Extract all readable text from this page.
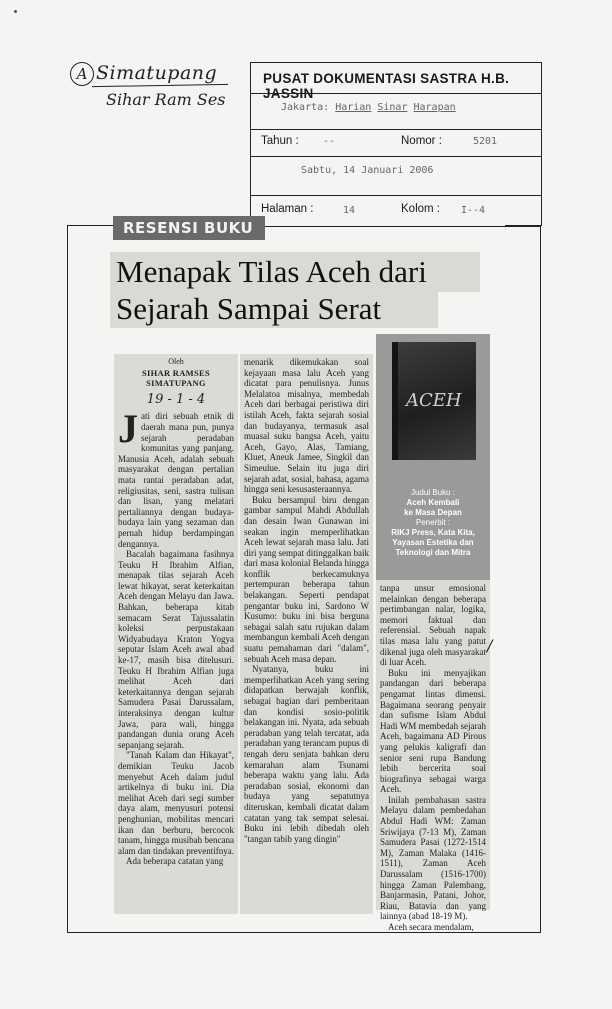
A Simatupang
Sihar Ram Ses
PUSAT DOKUMENTASI SASTRA H.B. JASSIN
Jakarta: Harian Sinar Harapan
Tahun : --	Nomor :	5201
Sabtu, 14 Januari 2006
Halaman :	14	Kolom : I--4
RESENSI BUKU
Menapak Tilas Aceh dari
Sejarah Sampai Serat
Oleh
SIHAR RAMSES
SIMATUPANG
19 - 1 - 4

Jati diri sebuah etnik di daerah mana pun, punya sejarah peradaban komunitas yang panjang. Manusia Aceh, adalah sebuah masyarakat dengan pertalian mata rantai peradaban adat, religiusitas, seni, sastra tulisan dan lisan, yang melatari pertaliannya dengan budaya-budaya lain yang sezaman dan pernah hidup berdampingan dengannya.

Bacalah bagaimana fasihnya Teuku H Ibrahim Alfian, menapak tilas sejarah Aceh lewat hikayat, serat keterkaitan Aceh dengan Melayu dan Jawa. Bahkan, beberapa kitab semacam Serat Tajussalatin koleksi perpustakaan Widyabudaya Kraton Yogya seputar Islam Aceh awal abad ke-17, masih bisa ditelusuri. Teuku H Ibrahim Alfian juga melihat Aceh dari keterkaitannya dengan sejarah Samudera Pasai Darussalam, interaksinya dengan kultur Jawa, para wali, hingga pandangan dunia orang Aceh sepanjang sejarah.

"Tanah Kalam dan Hikayat", demikian Teuku Jacob menyebut Aceh dalam judul artikelnya di buku ini. Dia melihat Aceh dari segi sumber daya alam, menyusuri potensi penghunian, mobilitas mencari ikan dan berburu, bercocok tanam, hingga musibah bencana alam dan tindakan preventifnya.

Ada beberapa catatan yang

menarik dikemukakan soal kejayaan masa lalu Aceh yang dicatat para penulisnya. Junus Melalatoa misalnya, membedah Aceh dari berbagai peristiwa diri istilah Aceh, fakta sejarah sosial dan budayanya, termasuk asal muasal suku bangsa Aceh, yaitu Aceh, Gayo, Alas, Tamiang, Kluet, Aneuk Jamee, Singkil dan Simeulue. Selain itu juga diri sejarah adat, sosial, bahasa, agama hingga seni kesusasteraannya.

Buku bersampul biru dengan gambar sampul Mahdi Abdullah dan desain Iwan Gunawan ini seakan ingin memperlihatkan Aceh lewat sejarah masa lalu. Jati diri yang sempat ditinggalkan baik dari masa kolonial Belanda hingga konflik berkecamuknya pertempuran beberapa tahun belakangan. Seperti pendapat pengantar buku ini, Sardono W Kusumo: buku ini bisa berguna sebagai salah satu rujukan dalam membangun kembali Aceh dengan suatu pemahaman dari "dalam", sebuah Aceh masa depan.

Nyatanya, buku ini memperlihatkan Aceh yang sering didapatkan berwajah konflik, sebagai bagian dari pemberitaan dan kondisi sosio-politik belakangan ini. Nyata, ada sebuah peradaban yang telah tercatat, ada peradaban yang terancam pupus di tengah deru senjata bahkan deru kemarahan alam Tsunami beberapa waktu yang lalu. Ada peradaban sosial, ekonomi dan budaya yang sepatutnya diteruskan, kembali dicatat dalam catatan yang tak sempat selesai. Buku ini lebih dibedah oleh "tangan tabib yang dingin"

ACEH
Judul Buku :
Aceh Kembali
ke Masa Depan
Penerbit :
RIKJ Press, Kata Kita,
Yayasan Estetika dan
Teknologi dan Mitra

tanpa unsur emosional melainkan dengan beberapa pertimbangan nalar, logika, memori faktual dan referensial. Sebuah napak tilas masa lalu yang patut dikenal juga oleh masyarakat di luar Aceh.

Buku ini menyajikan pandangan dari beberapa pengamat lintas dimensi. Bagaimana seorang penyair dan sufisme Islam Abdul Hadi WM membedah sejarah Aceh, bagaimana AD Pirous yang pelukis kaligrafi dan senior seni rupa Bandung lebih bercerita soal biografinya sebagai warga Aceh.

Inilah pembahasan sastra Melayu dalam pembedahan Abdul Hadi WM: Zaman Sriwijaya (7-13 M), Zaman Samudera Pasai (1272-1514 M), Zaman Malaka (1416-1511), Zaman Aceh Darussalam (1516-1700) hingga Zaman Palembang, Banjarmasin, Patani, Johor, Riau, Batavia dan yang lainnya (abad 18-19 M).

Aceh secara mendalam,

/
